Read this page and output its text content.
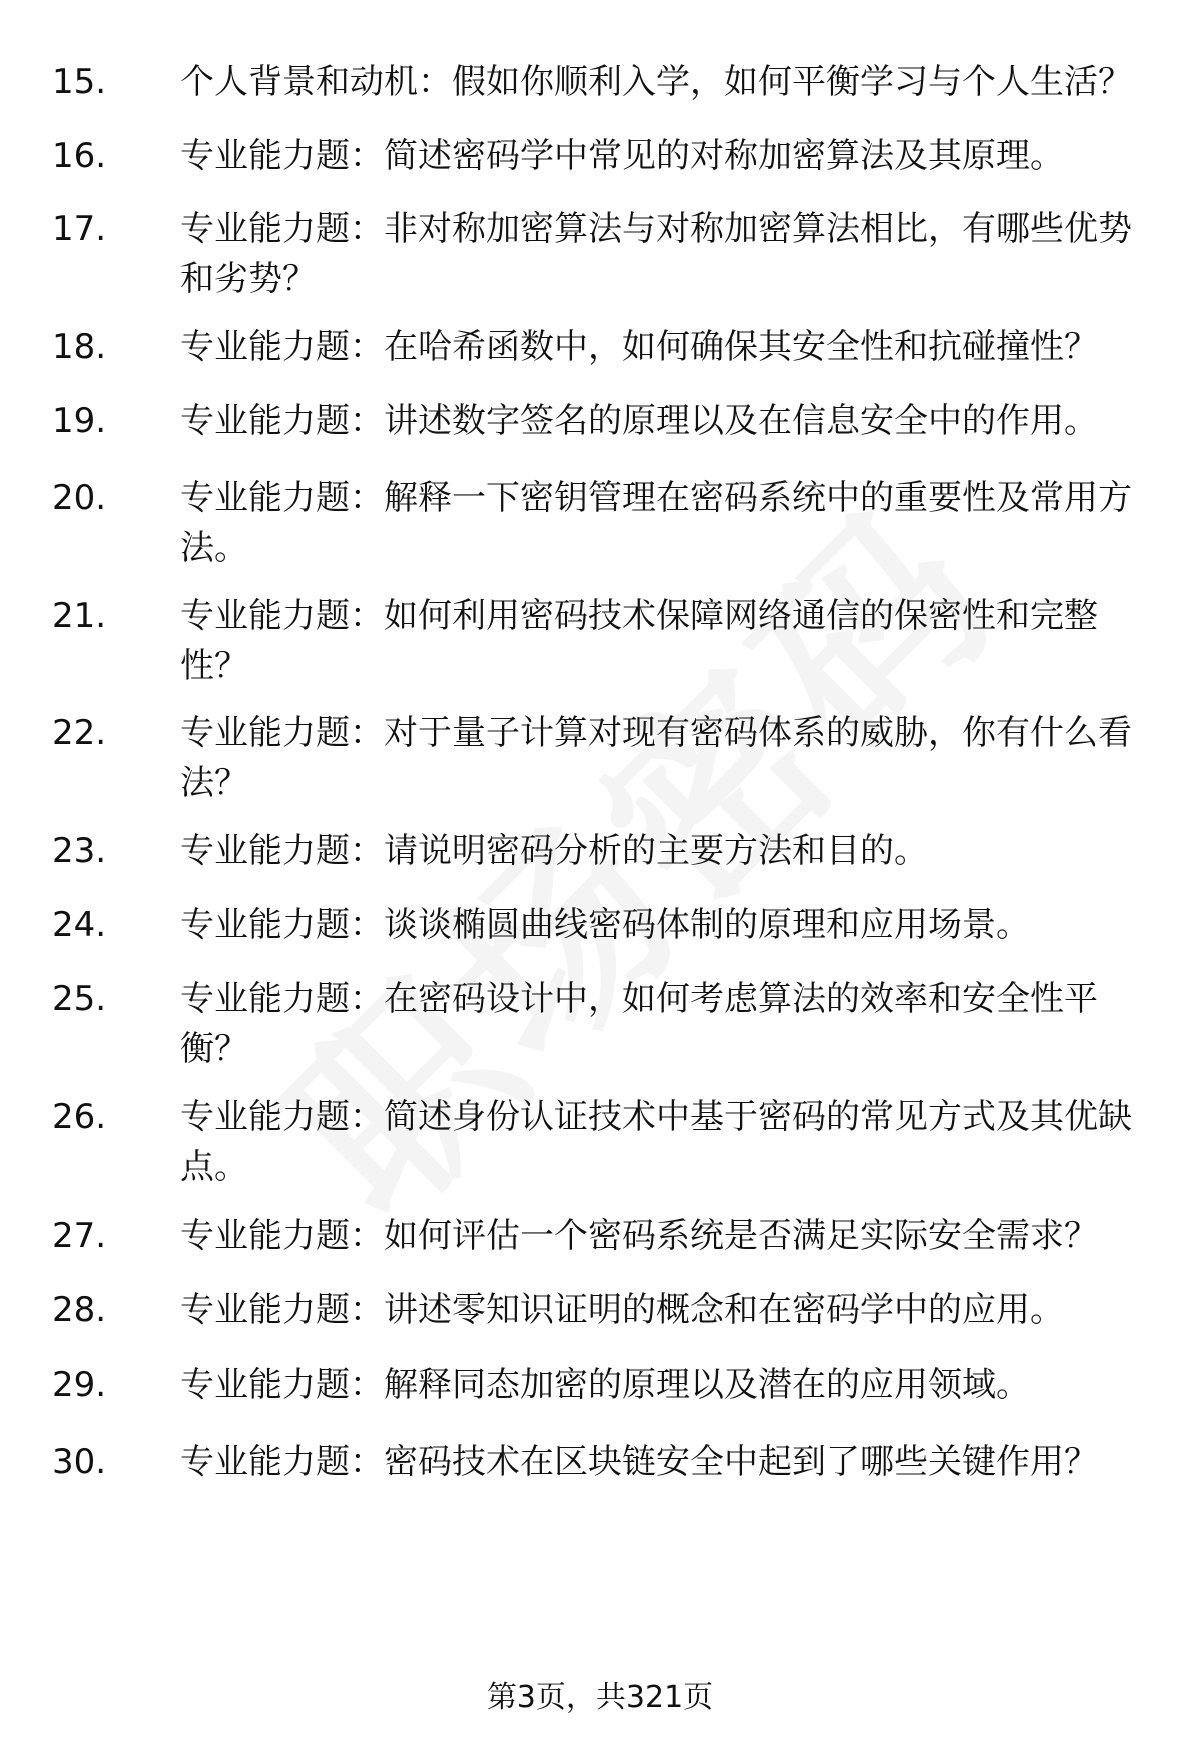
15.	个人背景和动机：假如你顺利入学，如何平衡学习与个人生活？
16.	专业能力题：简述密码学中常见的对称加密算法及其原理。
17.	专业能力题：非对称加密算法与对称加密算法相比，有哪些优势和劣势？
18.	专业能力题：在哈希函数中，如何确保其安全性和抗碰撞性？
19.	专业能力题：讲述数字签名的原理以及在信息安全中的作用。
20.	专业能力题：解释一下密钥管理在密码系统中的重要性及常用方法。
21.	专业能力题：如何利用密码技术保障网络通信的保密性和完整性？
22.	专业能力题：对于量子计算对现有密码体系的威胁，你有什么看法？
23.	专业能力题：请说明密码分析的主要方法和目的。
24.	专业能力题：谈谈椭圆曲线密码体制的原理和应用场景。
25.	专业能力题：在密码设计中，如何考虑算法的效率和安全性平衡？
26.	专业能力题：简述身份认证技术中基于密码的常见方式及其优缺点。
27.	专业能力题：如何评估一个密码系统是否满足实际安全需求？
28.	专业能力题：讲述零知识证明的概念和在密码学中的应用。
29.	专业能力题：解释同态加密的原理以及潜在的应用领域。
30.	专业能力题：密码技术在区块链安全中起到了哪些关键作用？
第3页，共321页
